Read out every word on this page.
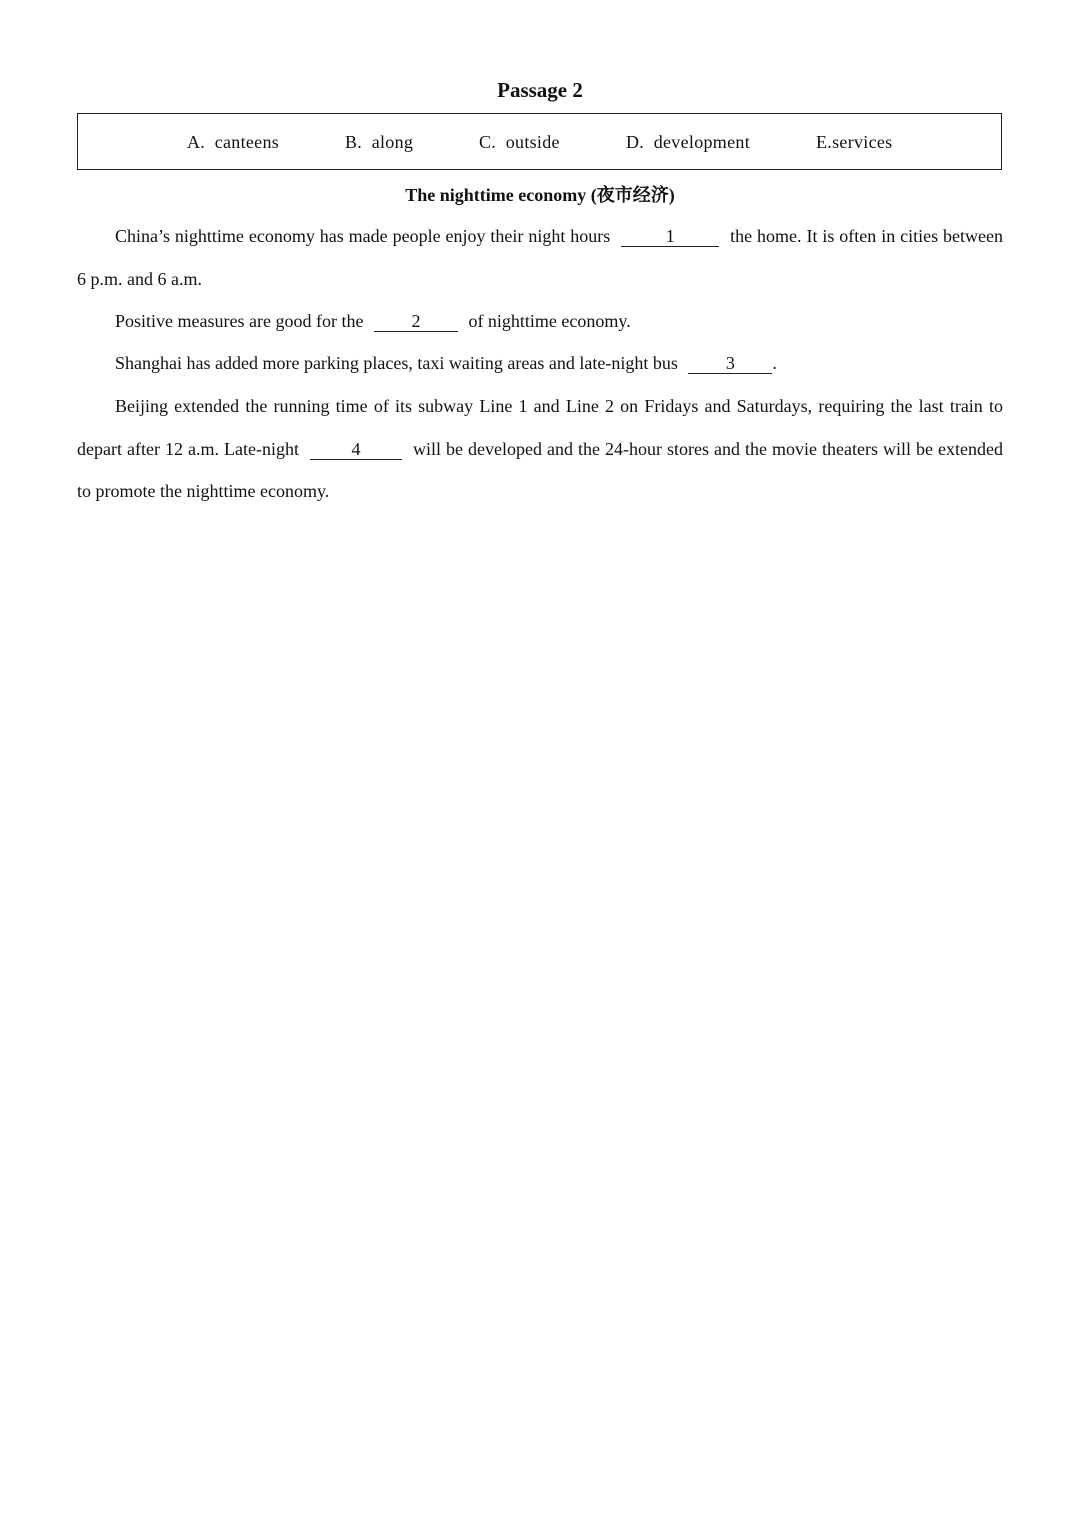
Passage 2
A. canteens	B. along	C. outside	D. development	E.services
The nighttime economy (夜市经济)

China’s nighttime economy has made people enjoy their night hours	1	the home. It is often in cities between 6 p.m. and 6 a.m.

Positive measures are good for the	2	of nighttime economy.

Shanghai has added more parking places, taxi waiting areas and late-night bus	3 .

Beijing extended the running time of its subway Line 1 and Line 2 on Fridays and Saturdays, requiring the last train to depart after 12 a.m. Late-night	4	will be developed and the 24-hour stores and the movie theaters will be extended to promote the nighttime economy.
